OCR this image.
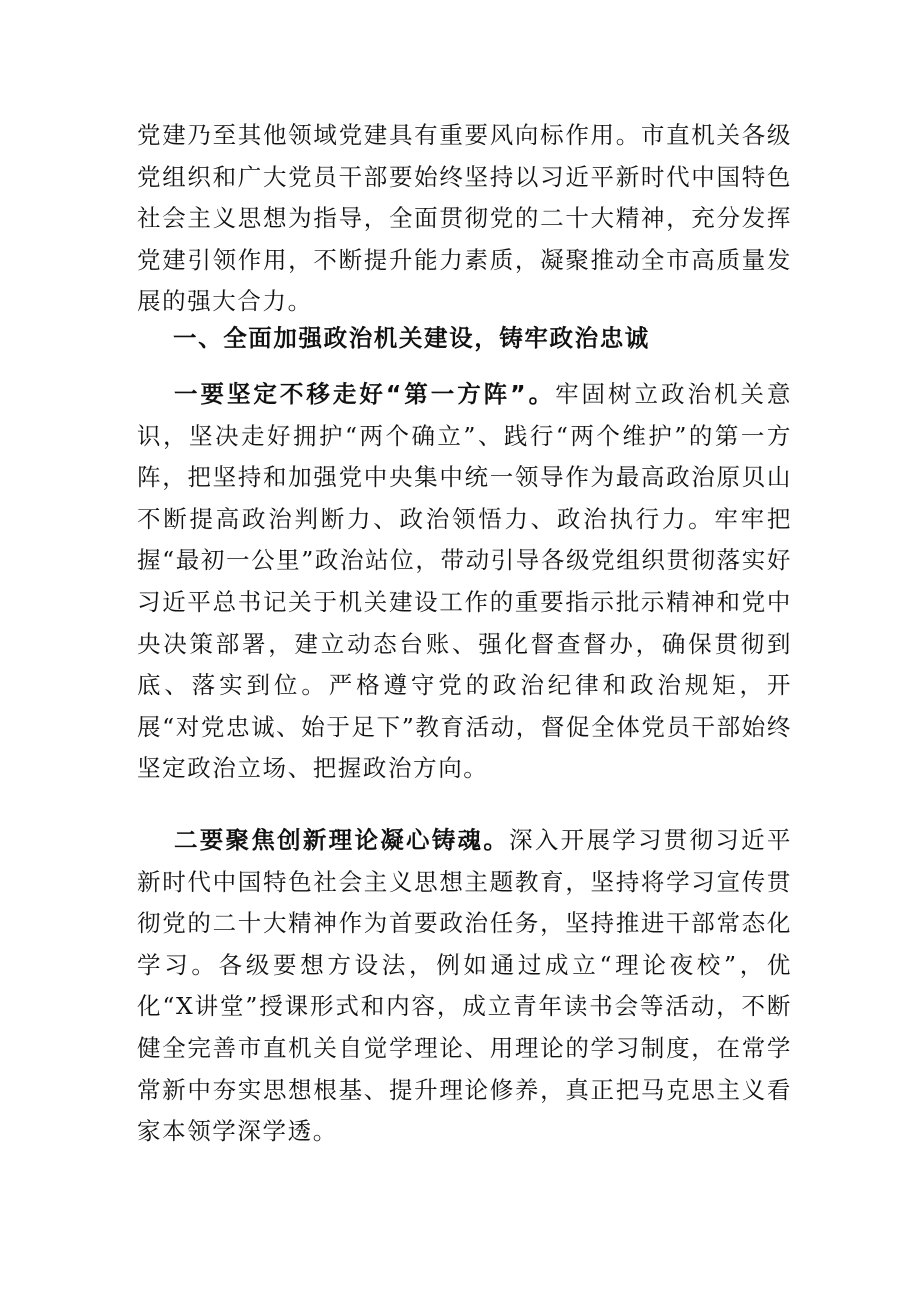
党建乃至其他领域党建具有重要风向标作用。市直机关各级党组织和广大党员干部要始终坚持以习近平新时代中国特色社会主义思想为指导，全面贯彻党的二十大精神，充分发挥党建引领作用，不断提升能力素质，凝聚推动全市高质量发展的强大合力。

一、全面加强政治机关建设，铸牢政治忠诚

一要坚定不移走好“第一方阵”。牢固树立政治机关意识，坚决走好拥护“两个确立”、践行“两个维护”的第一方阵，把坚持和加强党中央集中统一领导作为最高政治原贝山不断提高政治判断力、政治领悟力、政治执行力。牢牢把握“最初一公里”政治站位，带动引导各级党组织贯彻落实好习近平总书记关于机关建设工作的重要指示批示精神和党中央决策部署，建立动态台账、强化督查督办，确保贯彻到底、落实到位。严格遵守党的政治纪律和政治规矩，开展“对党忠诚、始于足下”教育活动，督促全体党员干部始终坚定政治立场、把握政治方向。

二要聚焦创新理论凝心铸魂。深入开展学习贯彻习近平新时代中国特色社会主义思想主题教育，坚持将学习宣传贯彻党的二十大精神作为首要政治任务，坚持推进干部常态化学习。各级要想方设法，例如通过成立“理论夜校”，优化“X讲堂”授课形式和内容，成立青年读书会等活动，不断健全完善市直机关自觉学理论、用理论的学习制度，在常学常新中夯实思想根基、提升理论修养，真正把马克思主义看家本领学深学透。
